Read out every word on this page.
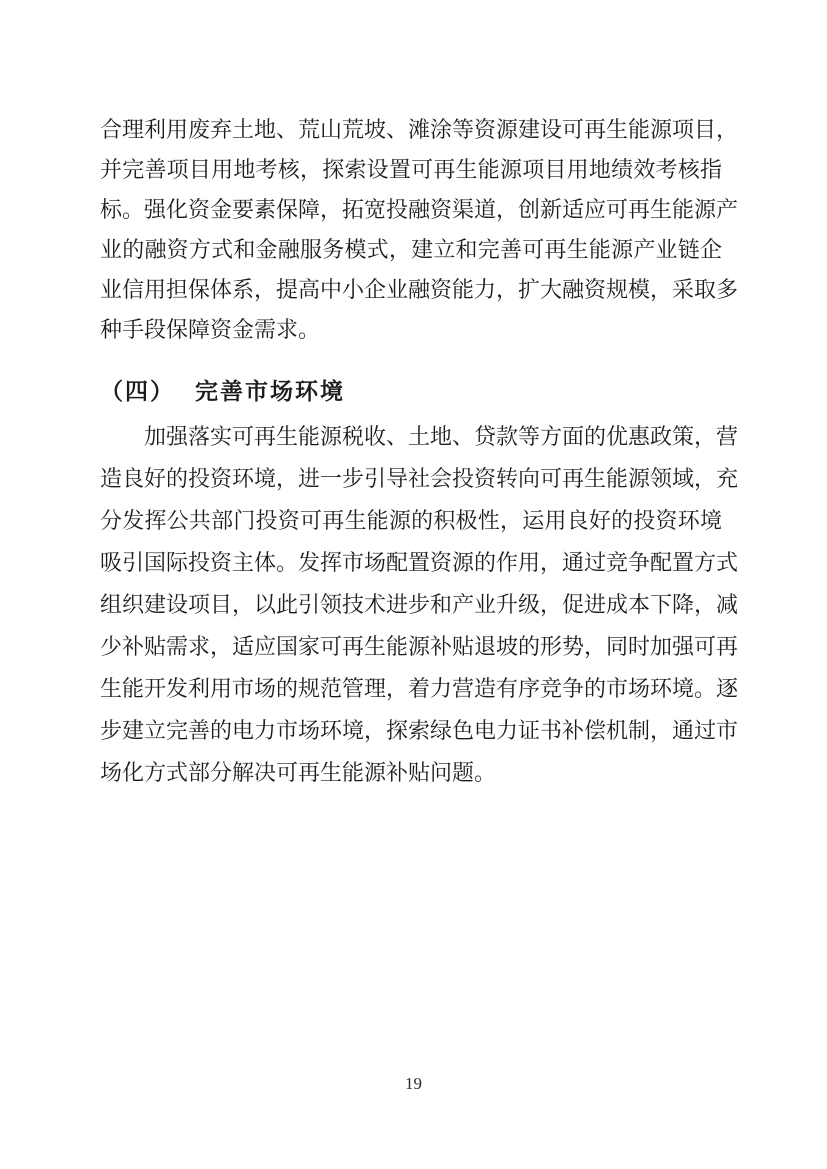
合理利用废弃土地、荒山荒坡、滩涂等资源建设可再生能源项目，
并完善项目用地考核，探索设置可再生能源项目用地绩效考核指
标。强化资金要素保障，拓宽投融资渠道，创新适应可再生能源产
业的融资方式和金融服务模式，建立和完善可再生能源产业链企
业信用担保体系，提高中小企业融资能力，扩大融资规模，采取多
种手段保障资金需求。
（四） 完善市场环境
加强落实可再生能源税收、土地、贷款等方面的优惠政策，营
造良好的投资环境，进一步引导社会投资转向可再生能源领域，充
分发挥公共部门投资可再生能源的积极性，运用良好的投资环境
吸引国际投资主体。发挥市场配置资源的作用，通过竞争配置方式
组织建设项目，以此引领技术进步和产业升级，促进成本下降，减
少补贴需求，适应国家可再生能源补贴退坡的形势，同时加强可再
生能开发利用市场的规范管理，着力营造有序竞争的市场环境。逐
步建立完善的电力市场环境，探索绿色电力证书补偿机制，通过市
场化方式部分解决可再生能源补贴问题。
19
